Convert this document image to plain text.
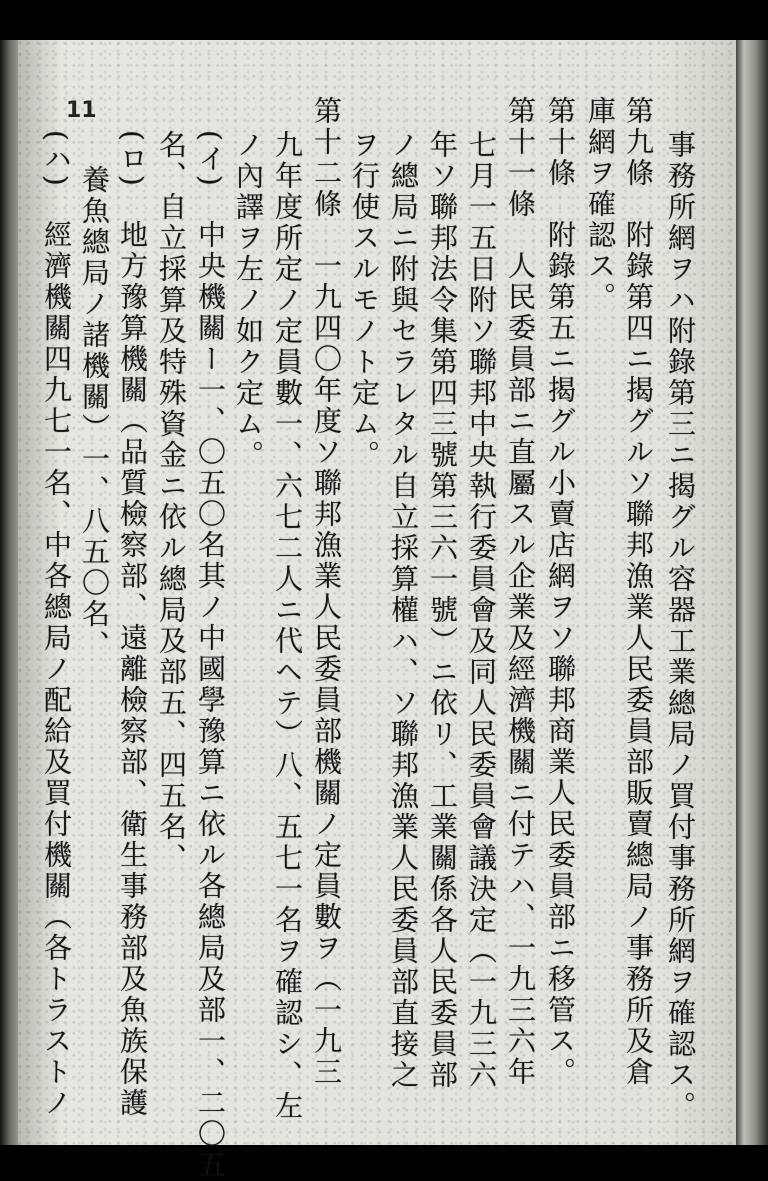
11
事務所網ヲハ附錄第三ニ揭グル容器工業總局ノ買付事務所網ヲ確認ス。
第九條　附錄第四ニ揭グルソ聯邦漁業人民委員部販賣總局ノ事務所及倉
庫網ヲ確認ス。
第十條　附錄第五ニ揭グル小賣店網ヲソ聯邦商業人民委員部ニ移管ス。
第十一條　人民委員部ニ直屬スル企業及經濟機關ニ付テハ、一九三六年
七月一五日附ソ聯邦中央執行委員會及同人民委員會議決定（一九三六
年ソ聯邦法令集第四三號第三六一號）ニ依リ、工業關係各人民委員部
ノ總局ニ附與セラレタル自立採算權ハ、ソ聯邦漁業人民委員部直接之
ヲ行使スルモノト定ム。
第十二條　一九四〇年度ソ聯邦漁業人民委員部機關ノ定員數ヲ（一九三
九年度所定ノ定員數一、六七二人ニ代ヘテ）八、五七一名ヲ確認シ、左
ノ內譯ヲ左ノ如ク定ム。
(イ)　中央機關ー一、〇五〇名其ノ中國學豫算ニ依ル各總局及部一、二〇五
名、自立採算及特殊資金ニ依ル總局及部五、四五名、
(ロ)　地方豫算機關（品質檢察部、遠離檢察部、衛生事務部及魚族保護
養魚總局ノ諸機關）一、八五〇名、
(ハ)　經濟機關四九七一名、中各總局ノ配給及買付機關（各トラストノ
